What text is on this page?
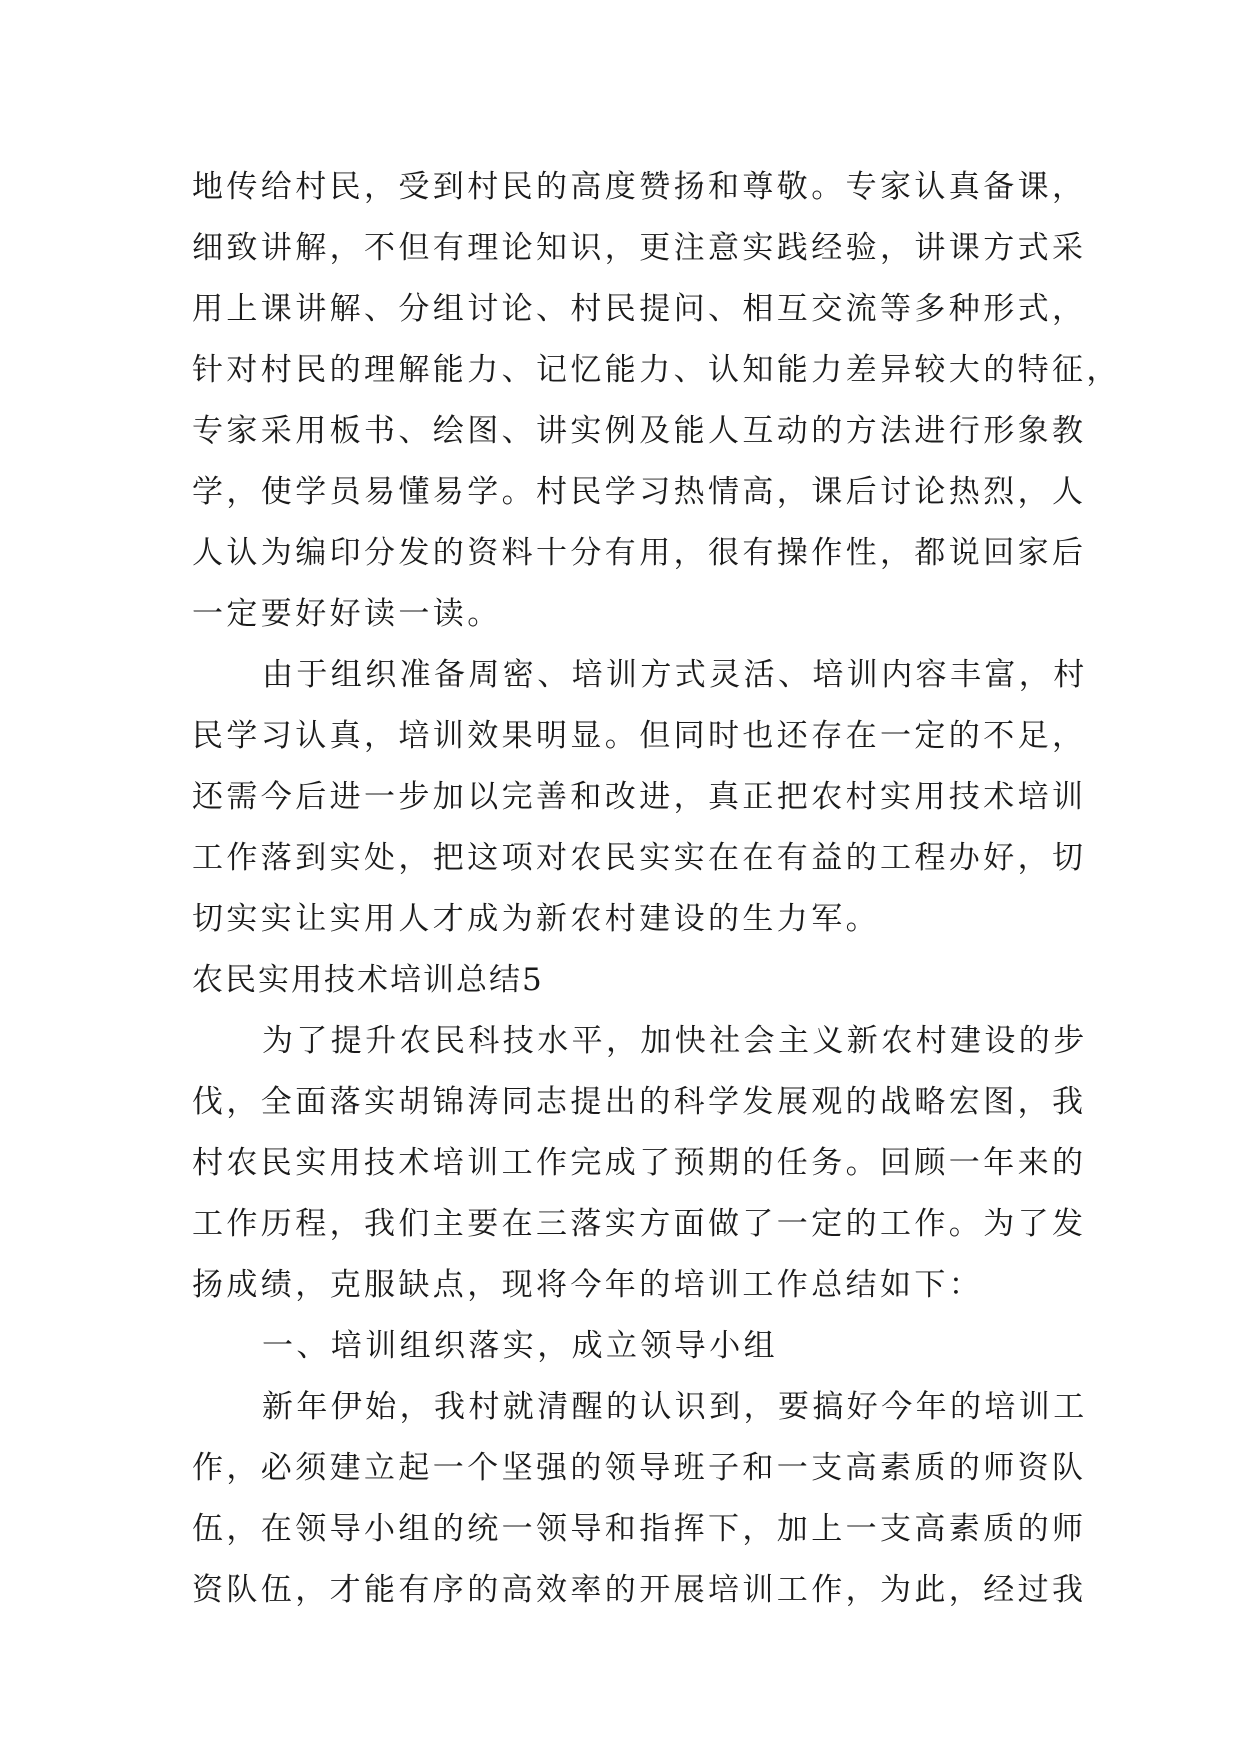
地传给村民，受到村民的高度赞扬和尊敬。专家认真备课，
细致讲解，不但有理论知识，更注意实践经验，讲课方式采
用上课讲解、分组讨论、村民提问、相互交流等多种形式，
针对村民的理解能力、记忆能力、认知能力差异较大的特征，
专家采用板书、绘图、讲实例及能人互动的方法进行形象教
学，使学员易懂易学。村民学习热情高，课后讨论热烈，人
人认为编印分发的资料十分有用，很有操作性，都说回家后
一定要好好读一读。
由于组织准备周密、培训方式灵活、培训内容丰富，村
民学习认真，培训效果明显。但同时也还存在一定的不足，
还需今后进一步加以完善和改进，真正把农村实用技术培训
工作落到实处，把这项对农民实实在在有益的工程办好，切
切实实让实用人才成为新农村建设的生力军。
农民实用技术培训总结5
为了提升农民科技水平，加快社会主义新农村建设的步
伐，全面落实胡锦涛同志提出的科学发展观的战略宏图，我
村农民实用技术培训工作完成了预期的任务。回顾一年来的
工作历程，我们主要在三落实方面做了一定的工作。为了发
扬成绩，克服缺点，现将今年的培训工作总结如下：
一、培训组织落实，成立领导小组
新年伊始，我村就清醒的认识到，要搞好今年的培训工
作，必须建立起一个坚强的领导班子和一支高素质的师资队
伍，在领导小组的统一领导和指挥下，加上一支高素质的师
资队伍，才能有序的高效率的开展培训工作，为此，经过我
